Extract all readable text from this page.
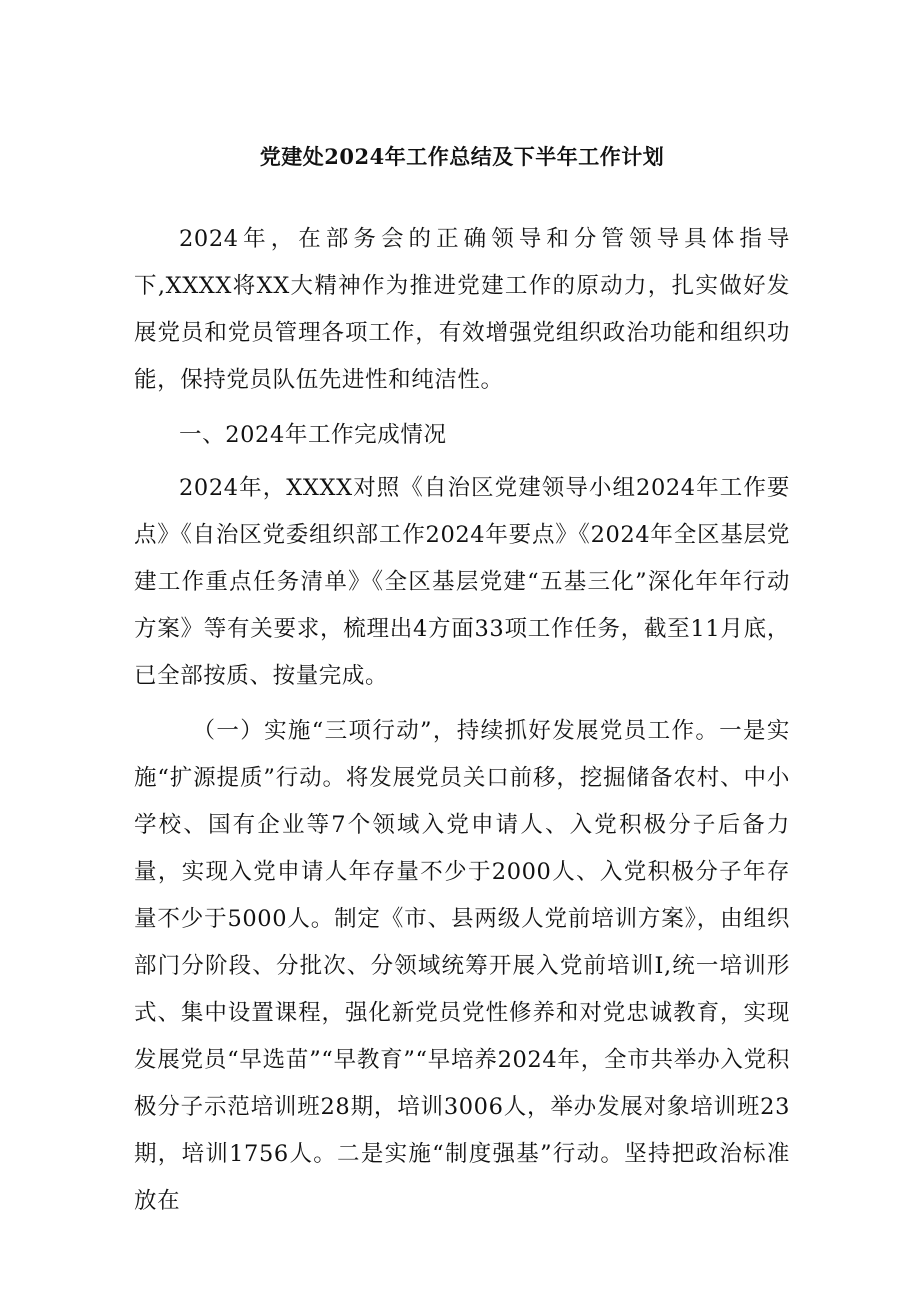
党建处2024年工作总结及下半年工作计划

2024年，在部务会的正确领导和分管领导具体指导下,XXXX将XX大精神作为推进党建工作的原动力，扎实做好发展党员和党员管理各项工作，有效增强党组织政治功能和组织功能，保持党员队伍先进性和纯洁性。

一、2024年工作完成情况

2024年，XXXX对照《自治区党建领导小组2024年工作要点》《自治区党委组织部工作2024年要点》《2024年全区基层党建工作重点任务清单》《全区基层党建“五基三化”深化年年行动方案》等有关要求，梳理出4方面33项工作任务，截至11月底，已全部按质、按量完成。

（一）实施“三项行动”，持续抓好发展党员工作。一是实施“扩源提质”行动。将发展党员关口前移，挖掘储备农村、中小学校、国有企业等7个领域入党申请人、入党积极分子后备力量，实现入党申请人年存量不少于2000人、入党积极分子年存量不少于5000人。制定《市、县两级人党前培训方案》，由组织部门分阶段、分批次、分领域统筹开展入党前培训I,统一培训形式、集中设置课程，强化新党员党性修养和对党忠诚教育，实现发展党员“早选苗”“早教育”“早培养2024年，全市共举办入党积极分子示范培训班28期，培训3006人，举办发展对象培训班23期，培训1756人。二是实施“制度强基”行动。坚持把政治标准放在
